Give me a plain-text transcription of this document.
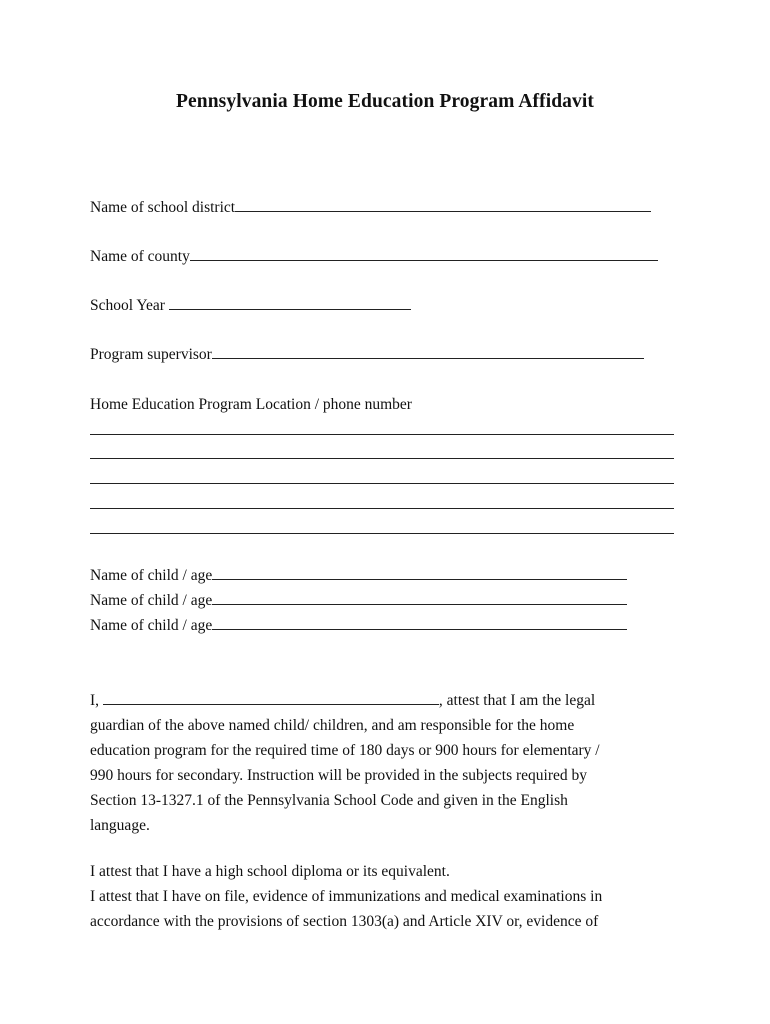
Pennsylvania Home Education Program Affidavit
Name of school district
Name of county
School Year
Program supervisor
Home Education Program Location / phone number
Name of child / age
Name of child / age
Name of child / age

I,	, attest that I am the legal

guardian of the above named child/ children, and am responsible for the home

education program for the required time of 180 days or 900 hours for elementary /

990 hours for secondary. Instruction will be provided in the subjects required by

Section 13-1327.1 of the Pennsylvania School Code and given in the English

language.

I attest that I have a high school diploma or its equivalent.

I attest that I have on file, evidence of immunizations and medical examinations in

accordance with the provisions of section 1303(a) and Article XIV or, evidence of
